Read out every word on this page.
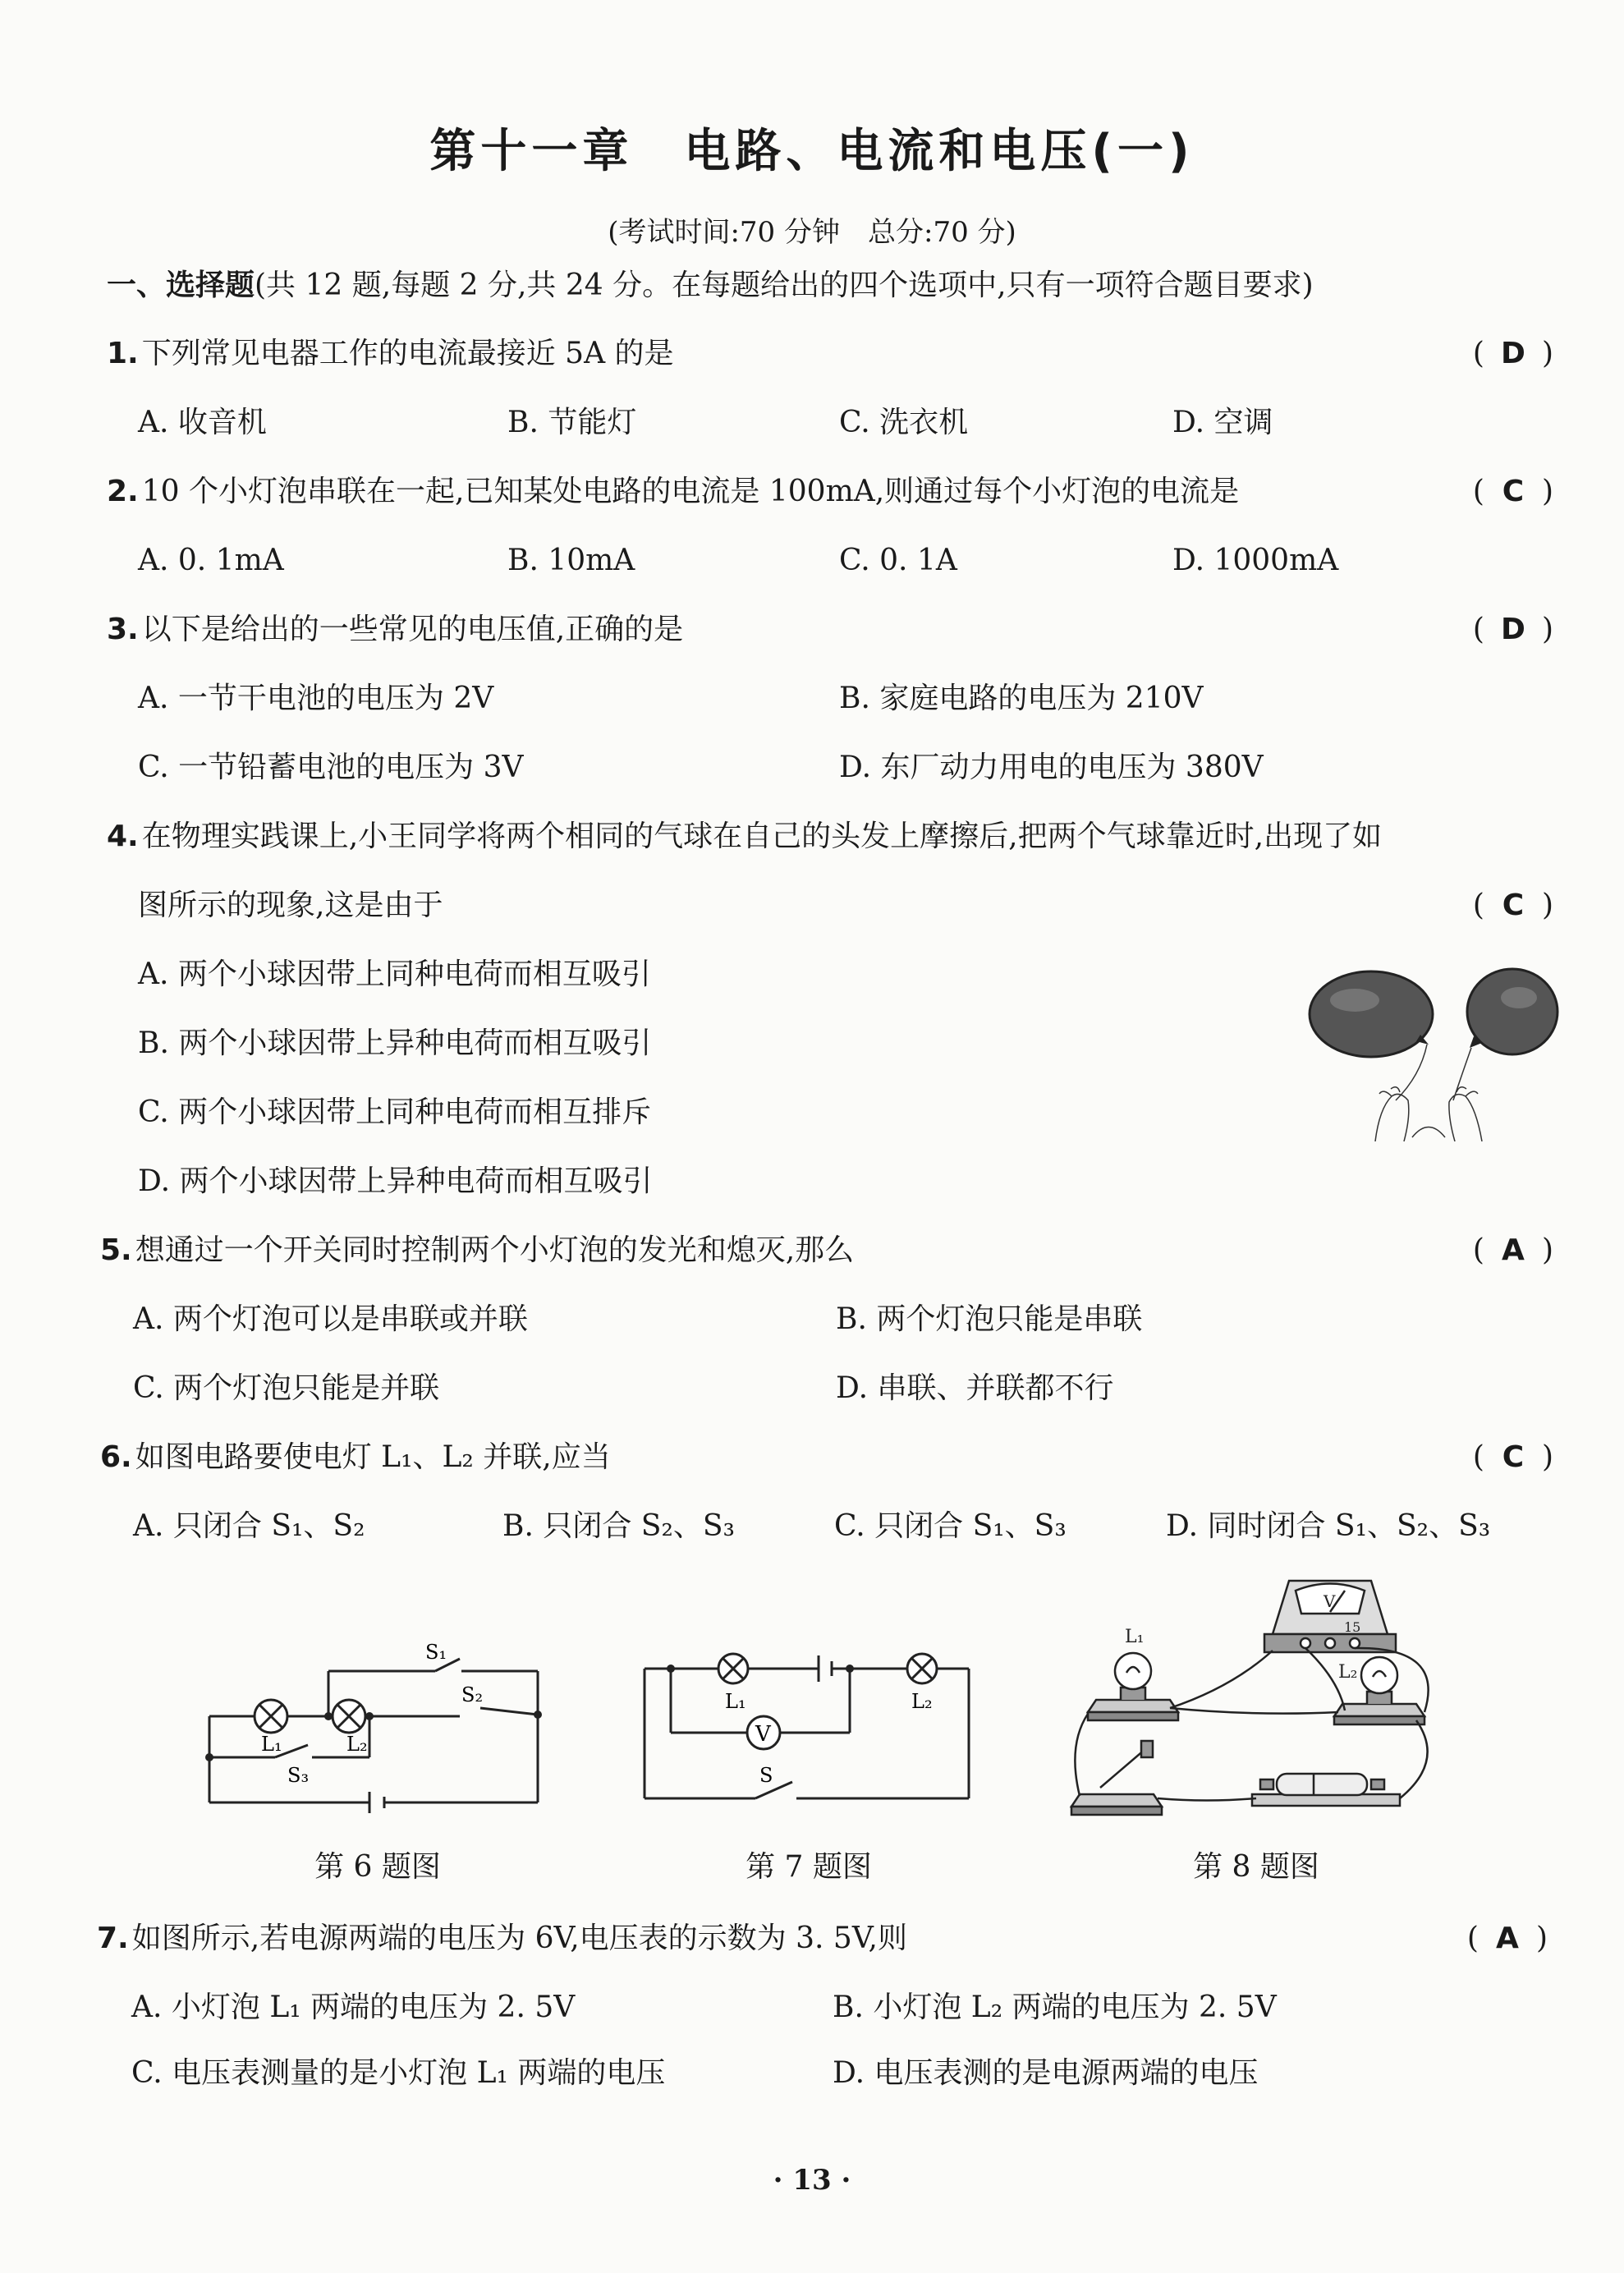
第十一章　电路、电流和电压(一)
(考试时间:70 分钟　总分:70 分)
一、选择题(共 12 题,每题 2 分,共 24 分。在每题给出的四个选项中,只有一项符合题目要求)
1. 下列常见电器工作的电流最接近 5A 的是	( D )
A. 收音机	B. 节能灯	C. 洗衣机	D. 空调
2. 10 个小灯泡串联在一起,已知某处电路的电流是 100mA,则通过每个小灯泡的电流是	( C )
A. 0. 1mA	B. 10mA	C. 0. 1A	D. 1000mA
3. 以下是给出的一些常见的电压值,正确的是	( D )
A. 一节干电池的电压为 2V	B. 家庭电路的电压为 210V
C. 一节铅蓄电池的电压为 3V	D. 东厂动力用电的电压为 380V
4. 在物理实践课上,小王同学将两个相同的气球在自己的头发上摩擦后,把两个气球靠近时,出现了如
图所示的现象,这是由于	( C )
A. 两个小球因带上同种电荷而相互吸引
B. 两个小球因带上异种电荷而相互吸引
C. 两个小球因带上同种电荷而相互排斥
D. 两个小球因带上异种电荷而相互吸引
5. 想通过一个开关同时控制两个小灯泡的发光和熄灭,那么	( A )
A. 两个灯泡可以是串联或并联	B. 两个灯泡只能是串联
C. 两个灯泡只能是并联	D. 串联、并联都不行
6. 如图电路要使电灯 L₁、L₂ 并联,应当	( C )
A. 只闭合 S₁、S₂	B. 只闭合 S₂、S₃	C. 只闭合 S₁、S₃	D. 同时闭合 S₁、S₂、S₃
L₁	L₂
S₁
S₂
S₃
第 6 题图
V
L₁	L₂
S
第 7 题图
V
15
L₁
L₂
第 8 题图
7. 如图所示,若电源两端的电压为 6V,电压表的示数为 3. 5V,则	( A )
A. 小灯泡 L₁ 两端的电压为 2. 5V	B. 小灯泡 L₂ 两端的电压为 2. 5V
C. 电压表测量的是小灯泡 L₁ 两端的电压	D. 电压表测的是电源两端的电压
· 13 ·
